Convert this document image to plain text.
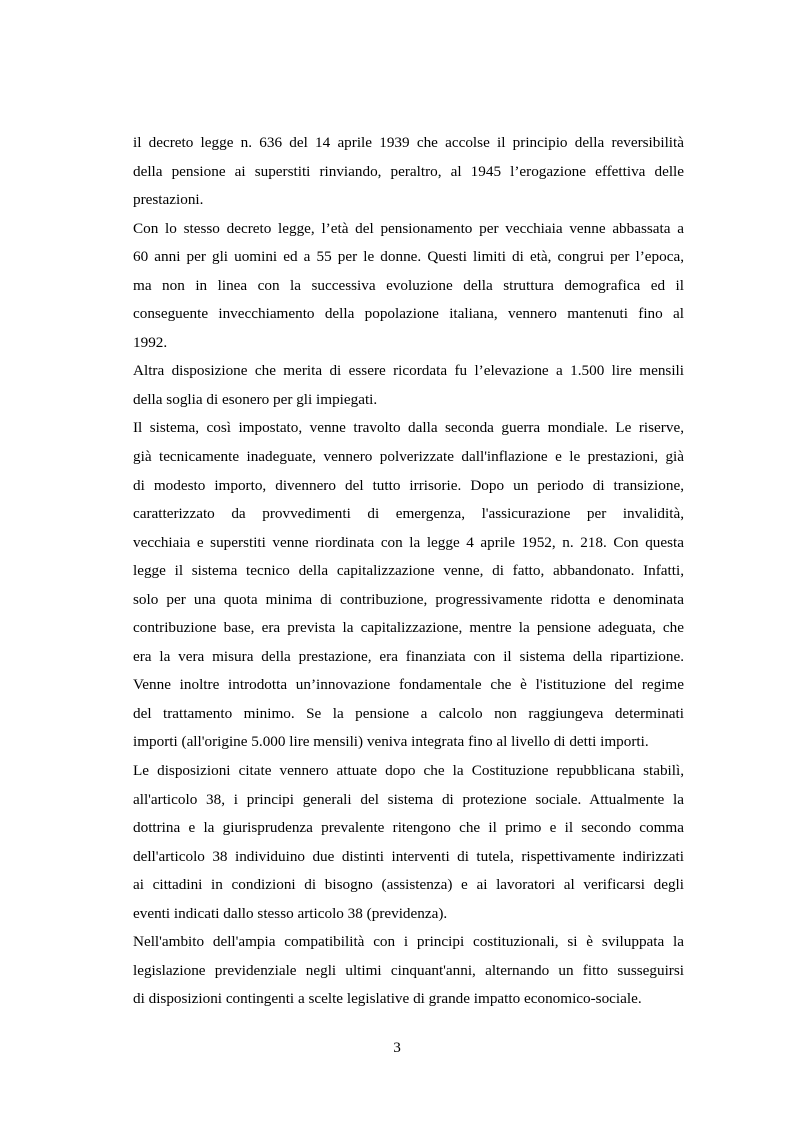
il decreto legge n. 636 del 14 aprile 1939 che accolse il principio della reversibilità
della pensione ai superstiti rinviando, peraltro, al 1945 l’erogazione effettiva delle
prestazioni.
Con lo stesso decreto legge, l’età del pensionamento per vecchiaia venne abbassata a
60 anni per gli uomini ed a 55 per le donne. Questi limiti di età, congrui per l’epoca,
ma non in linea con la successiva evoluzione della struttura demografica ed il
conseguente invecchiamento della popolazione italiana, vennero mantenuti fino al
1992.
Altra disposizione che merita di essere ricordata fu l’elevazione a 1.500 lire mensili
della soglia di esonero per gli impiegati.
Il sistema, così impostato, venne travolto dalla seconda guerra mondiale. Le riserve,
già tecnicamente inadeguate, vennero polverizzate dall'inflazione e le prestazioni, già
di modesto importo, divennero del tutto irrisorie. Dopo un periodo di transizione,
caratterizzato da provvedimenti di emergenza, l'assicurazione per invalidità,
vecchiaia e superstiti venne riordinata con la legge 4 aprile 1952, n. 218. Con questa
legge il sistema tecnico della capitalizzazione venne, di fatto, abbandonato. Infatti,
solo per una quota minima di contribuzione, progressivamente ridotta e denominata
contribuzione base, era prevista la capitalizzazione, mentre la pensione adeguata, che
era la vera misura della prestazione, era finanziata con il sistema della ripartizione.
Venne inoltre introdotta un’innovazione fondamentale che è l'istituzione del regime
del trattamento minimo. Se la pensione a calcolo non raggiungeva determinati
importi (all'origine 5.000 lire mensili) veniva integrata fino al livello di detti importi.
Le disposizioni citate vennero attuate dopo che la Costituzione repubblicana stabilì,
all'articolo 38, i principi generali del sistema di protezione sociale. Attualmente la
dottrina e la giurisprudenza prevalente ritengono che il primo e il secondo comma
dell'articolo 38 individuino due distinti interventi di tutela, rispettivamente indirizzati
ai cittadini in condizioni di bisogno (assistenza) e ai lavoratori al verificarsi degli
eventi indicati dallo stesso articolo 38 (previdenza).
Nell'ambito dell'ampia compatibilità con i principi costituzionali, si è sviluppata la
legislazione previdenziale negli ultimi cinquant'anni, alternando un fitto susseguirsi
di disposizioni contingenti a scelte legislative di grande impatto economico-sociale.
3
